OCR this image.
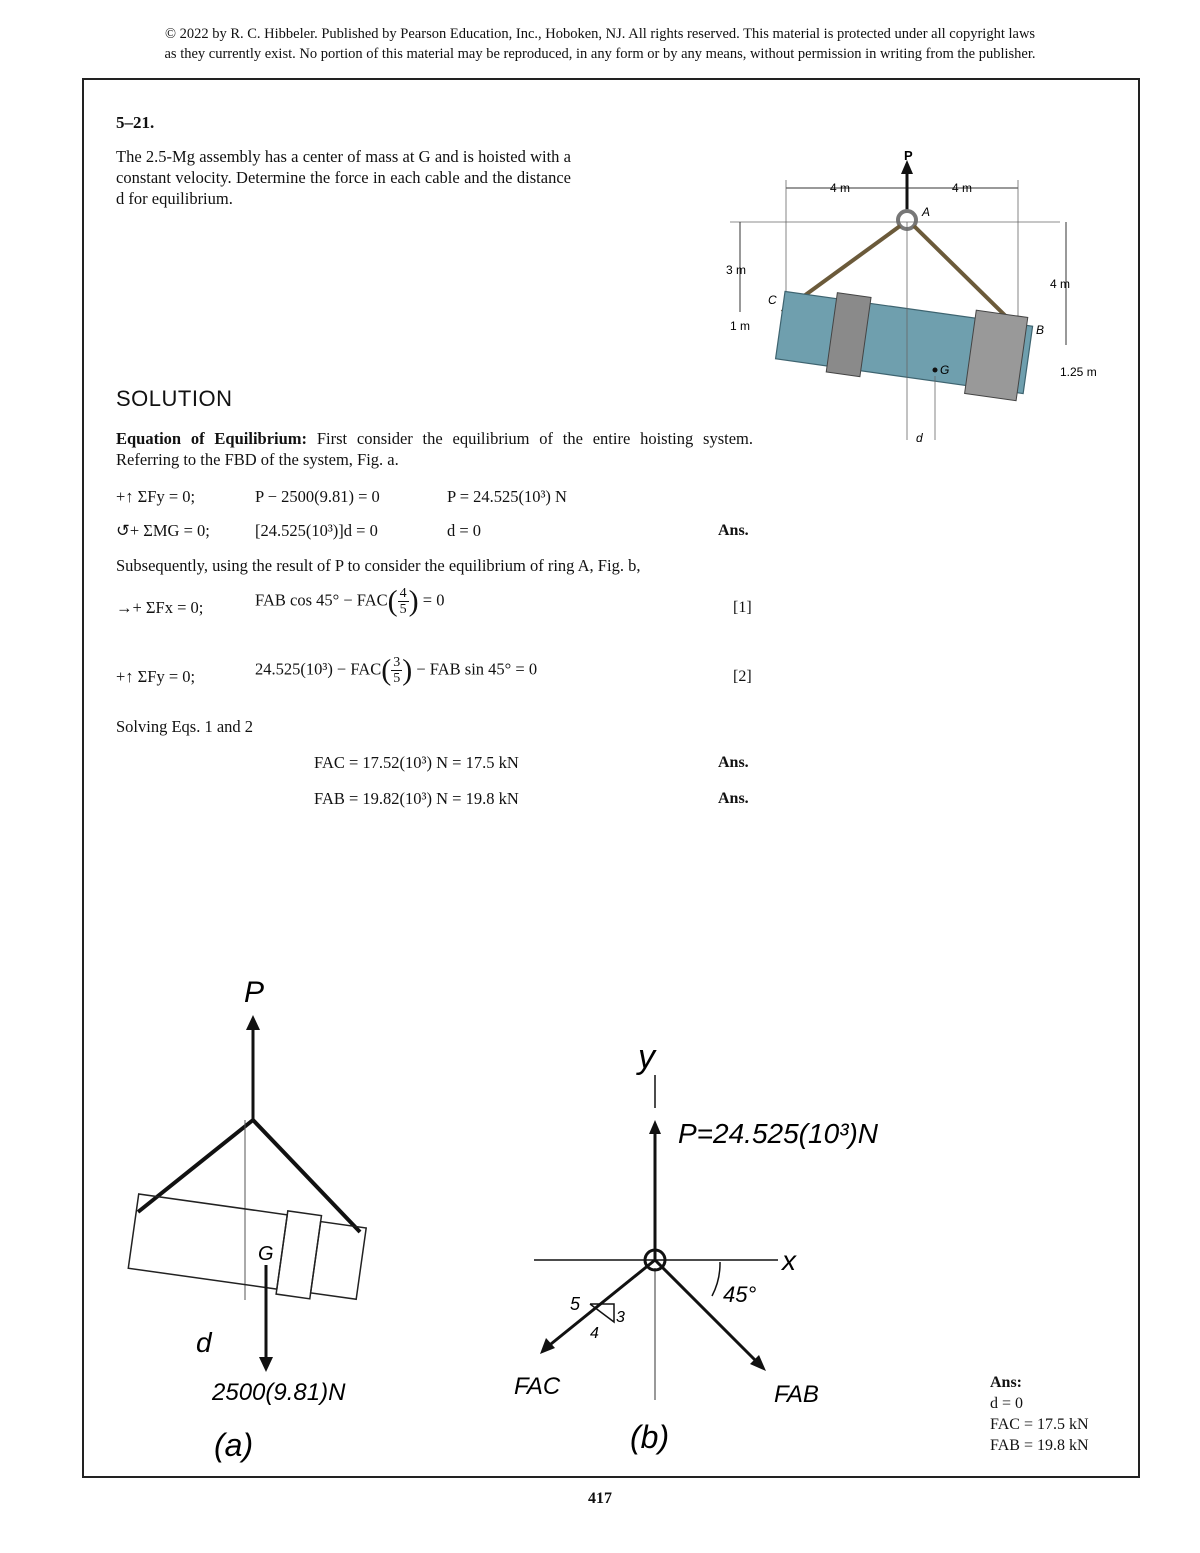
© 2022 by R. C. Hibbeler. Published by Pearson Education, Inc., Hoboken, NJ. All rights reserved. This material is protected under all copyright laws
as they currently exist. No portion of this material may be reproduced, in any form or by any means, without permission in writing from the publisher.
5–21.
The 2.5-Mg assembly has a center of mass at G and is hoisted with a constant velocity. Determine the force in each cable and the distance d for equilibrium.
4 m	4 m
P
A
C
B
3 m
1 m
4 m
1.25 m
G
d
SOLUTION
Equation of Equilibrium: First consider the equilibrium of the entire hoisting system. Referring to the FBD of the system, Fig. a.
+↑ ΣFy = 0;	P − 2500(9.81) = 0	P = 24.525(10³) N
↺+ ΣMG = 0;	[24.525(10³)]d = 0	d = 0	Ans.
Subsequently, using the result of P to consider the equilibrium of ring A, Fig. b,
→+ ΣFx = 0;	FAB $\cos 45^\circ - FAC( \frac{4}{5}$ ) = 0	[1]
+↑ ΣFy = 0;	$24.525(10^3) - FAC( \frac{3}{5}$ ) − FAB sin 45° = 0	[2]
Solving Eqs. 1 and 2
FAC = 17.52(10³) N = 17.5 kN	Ans.
FAB = 19.82(10³) N = 19.8 kN	Ans.
P
G
d
2500(9.81)N
(a)
y
P=24.525(10³)N
x
45°
5
3
4
FAC	FAB
(b)
Ans:
d = 0
FAC = 17.5 kN
FAB = 19.8 kN
417
